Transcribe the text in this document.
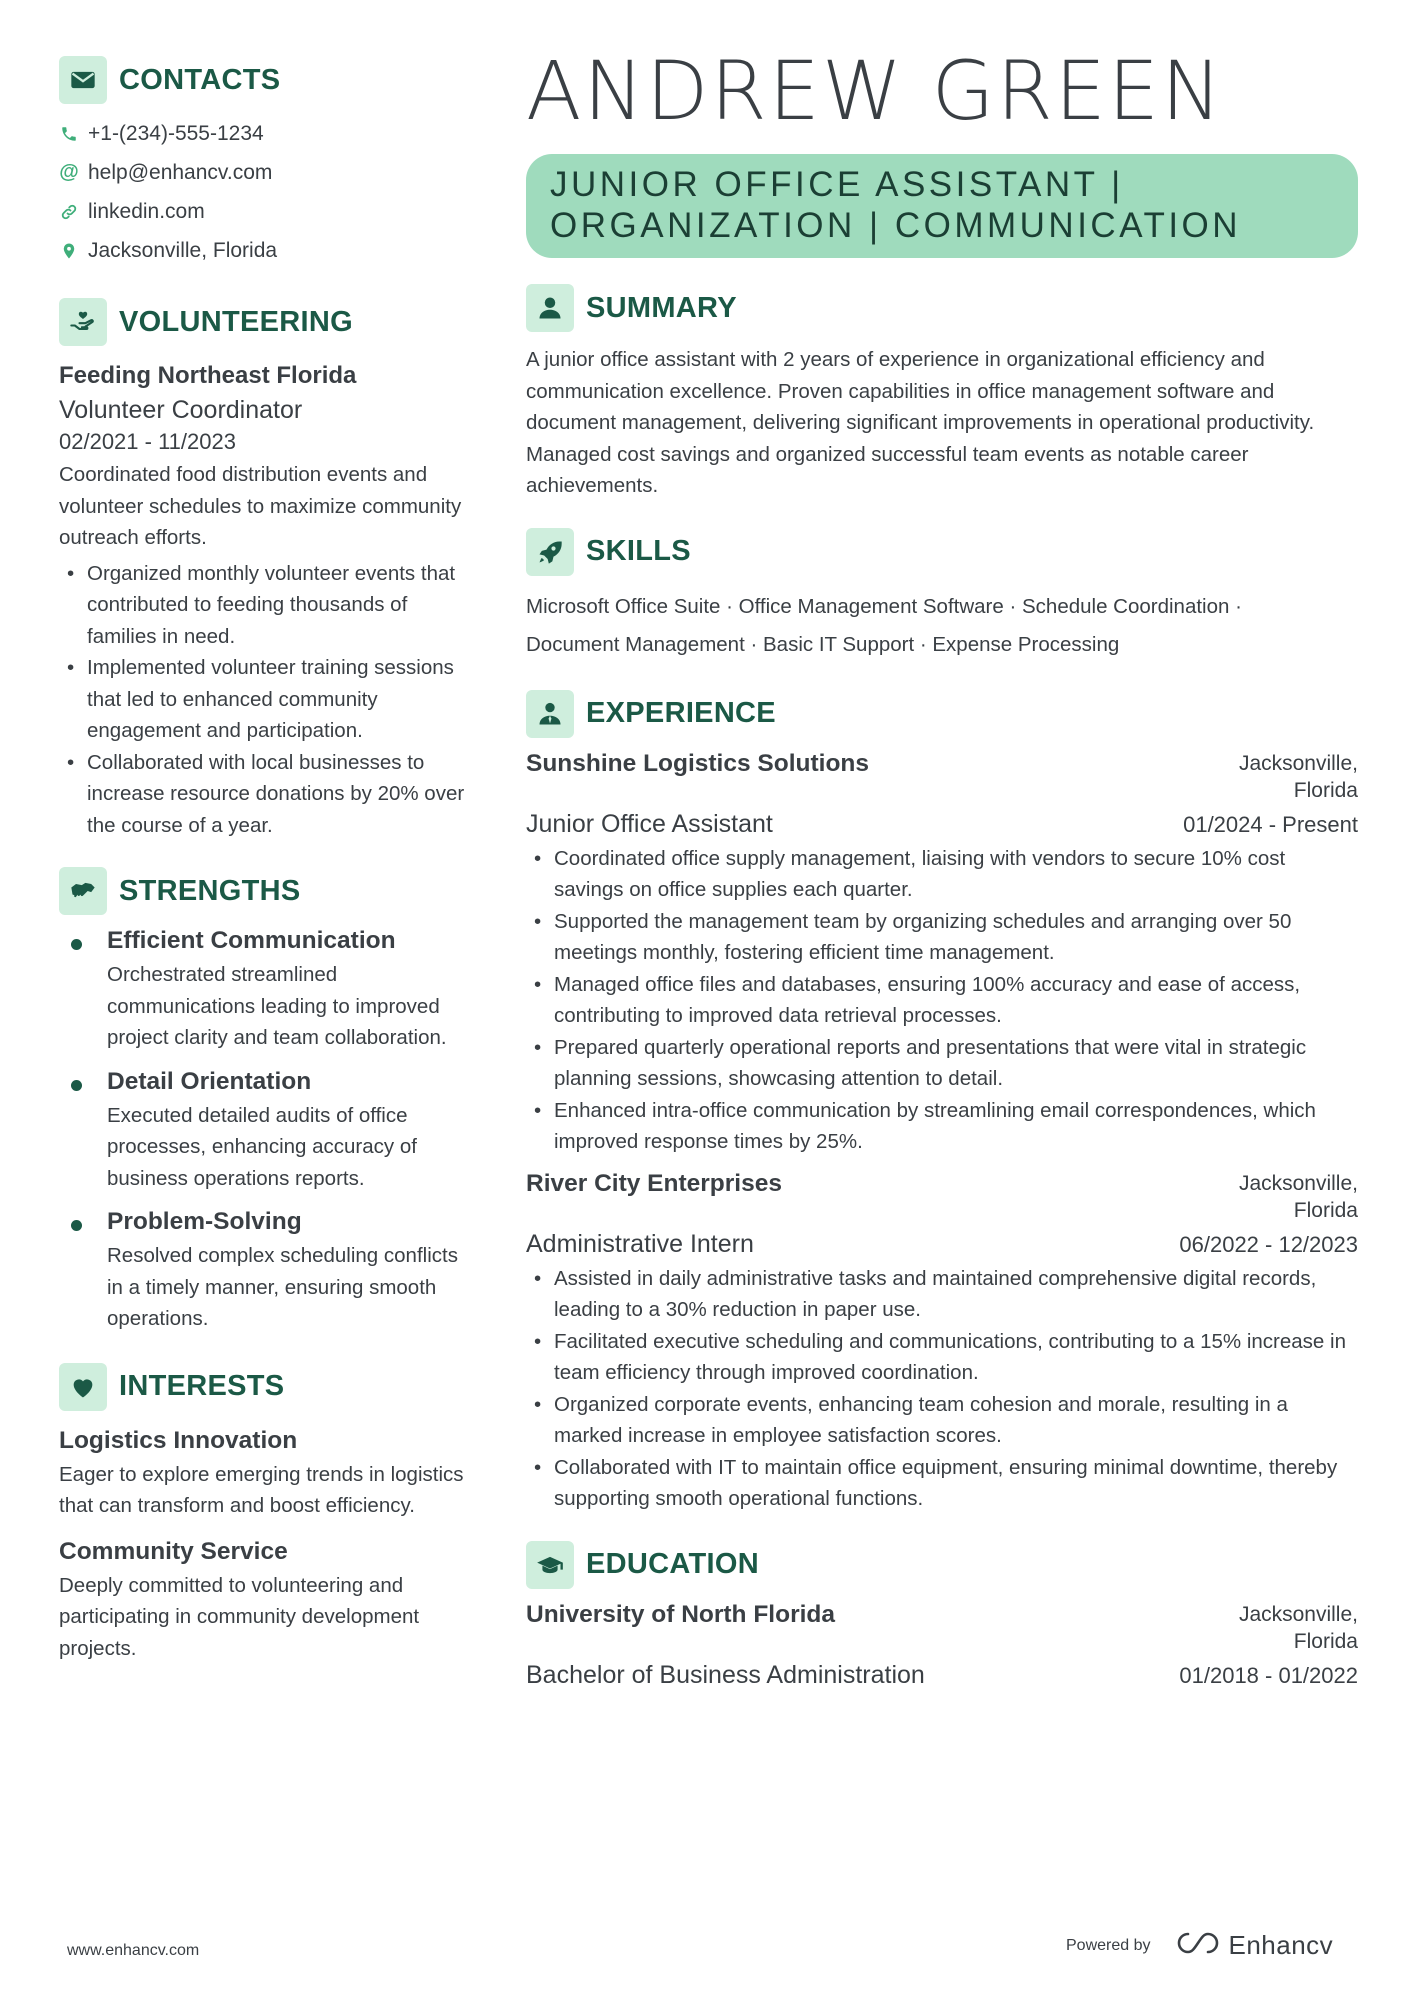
CONTACTS
+1-(234)-555-1234
@ help@enhancv.com
linkedin.com
Jacksonville, Florida
VOLUNTEERING
Feeding Northeast Florida
Volunteer Coordinator
02/2021 - 11/2023
Coordinated food distribution events and volunteer schedules to maximize community outreach efforts.
• Organized monthly volunteer events that contributed to feeding thousands of families in need.
• Implemented volunteer training sessions that led to enhanced community engagement and participation.
• Collaborated with local businesses to increase resource donations by 20% over the course of a year.
STRENGTHS
Efficient Communication
Orchestrated streamlined communications leading to improved project clarity and team collaboration.
Detail Orientation
Executed detailed audits of office processes, enhancing accuracy of business operations reports.
Problem-Solving
Resolved complex scheduling conflicts in a timely manner, ensuring smooth operations.
INTERESTS
Logistics Innovation
Eager to explore emerging trends in logistics that can transform and boost efficiency.
Community Service
Deeply committed to volunteering and participating in community development projects.
ANDREW GREEN
JUNIOR OFFICE ASSISTANT | ORGANIZATION | COMMUNICATION
SUMMARY
A junior office assistant with 2 years of experience in organizational efficiency and communication excellence. Proven capabilities in office management software and document management, delivering significant improvements in operational productivity. Managed cost savings and organized successful team events as notable career achievements.
SKILLS
Microsoft Office Suite · Office Management Software · Schedule Coordination ·
Document Management · Basic IT Support · Expense Processing
EXPERIENCE
Sunshine Logistics Solutions	Jacksonville,
Florida
Junior Office Assistant	01/2024 - Present
• Coordinated office supply management, liaising with vendors to secure 10% cost savings on office supplies each quarter.
• Supported the management team by organizing schedules and arranging over 50 meetings monthly, fostering efficient time management.
• Managed office files and databases, ensuring 100% accuracy and ease of access, contributing to improved data retrieval processes.
• Prepared quarterly operational reports and presentations that were vital in strategic planning sessions, showcasing attention to detail.
• Enhanced intra-office communication by streamlining email correspondences, which improved response times by 25%.
River City Enterprises	Jacksonville,
Florida
Administrative Intern	06/2022 - 12/2023
• Assisted in daily administrative tasks and maintained comprehensive digital records, leading to a 30% reduction in paper use.
• Facilitated executive scheduling and communications, contributing to a 15% increase in team efficiency through improved coordination.
• Organized corporate events, enhancing team cohesion and morale, resulting in a marked increase in employee satisfaction scores.
• Collaborated with IT to maintain office equipment, ensuring minimal downtime, thereby supporting smooth operational functions.
EDUCATION
University of North Florida	Jacksonville,
Florida
Bachelor of Business Administration	01/2018 - 01/2022
www.enhancv.com	Powered by	Enhancv
